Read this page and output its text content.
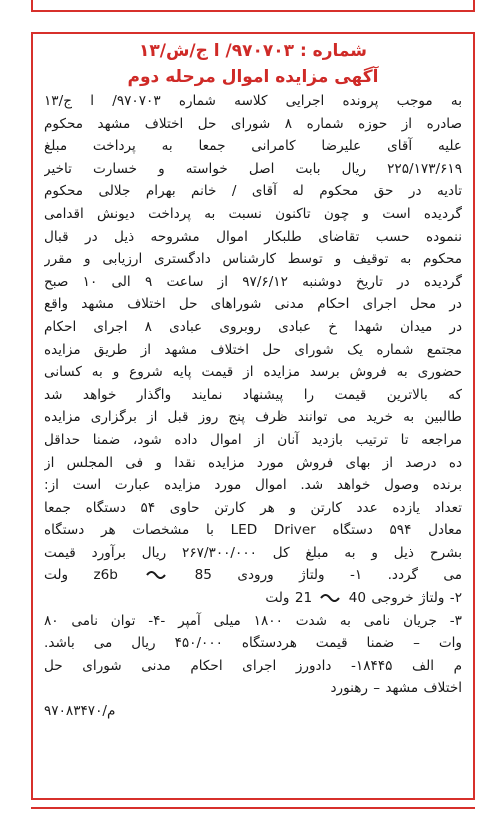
شماره : ۹۷۰۷۰۳/ ا ج/ش/۱۳
آگهی مزایده اموال مرحله دوم
به موجب پرونده اجرایی کلاسه شماره ۹۷۰۷۰۳/ ا ج/۱۳
صادره از حوزه شماره ۸ شورای حل اختلاف مشهد محکوم
علیه آقای علیرضا کامرانی جمعا به پرداخت مبلغ
۲۲۵/۱۷۳/۶۱۹ ریال بابت اصل خواسته و خسارت تاخیر
تادیه در حق محکوم له آقای / خانم بهرام جلالی محکوم
گردیده است و چون تاکنون نسبت به پرداخت دیونش اقدامی
ننموده حسب تقاضای طلبکار اموال مشروحه ذیل در قبال
محکوم به توقیف و توسط کارشناس دادگستری ارزیابی و مقرر
گردیده در تاریخ دوشنبه ۹۷/۶/۱۲ از ساعت ۹ الی ۱۰ صبح
در محل اجرای احکام مدنی شوراهای حل اختلاف مشهد واقع
در میدان شهدا خ عبادی روبروی عبادی ۸ اجرای احکام
مجتمع شماره یک شورای حل اختلاف مشهد از طریق مزایده
حضوری به فروش برسد مزایده از قیمت پایه شروع و به کسانی
که بالاترین قیمت را پیشنهاد نمایند واگذار خواهد شد
طالبین به خرید می توانند ظرف پنج روز قبل از برگزاری مزایده
مراجعه تا ترتیب بازدید آنان از اموال داده شود، ضمنا حداقل
ده درصد از بهای فروش مورد مزایده نقدا و فی المجلس از
برنده وصول خواهد شد. اموال مورد مزایده عبارت است از:
تعداد یازده عدد کارتن و هر کارتن حاوی ۵۴ دستگاه جمعا
معادل ۵۹۴ دستگاه LED Driver با مشخصات هر دستگاه
بشرح ذیل و به مبلغ کل ۲۶۷/۳۰۰/۰۰۰ ریال برآورد قیمت
می گردد. ۱- ولتاژ ورودی z6b  85 ولت
۲- ولتاژ خروجی 40  21 ولت
۳- جریان نامی به شدت ۱۸۰۰ میلی آمپر -۴- توان نامی ۸۰
وات – ضمنا قیمت هردستگاه ۴۵۰/۰۰۰ ریال می باشد.
م الف ۱۸۴۴۵- دادورز اجرای احکام مدنی شورای حل
اختلاف مشهد – رهنورد
م/۹۷۰۸۳۴۷۰
